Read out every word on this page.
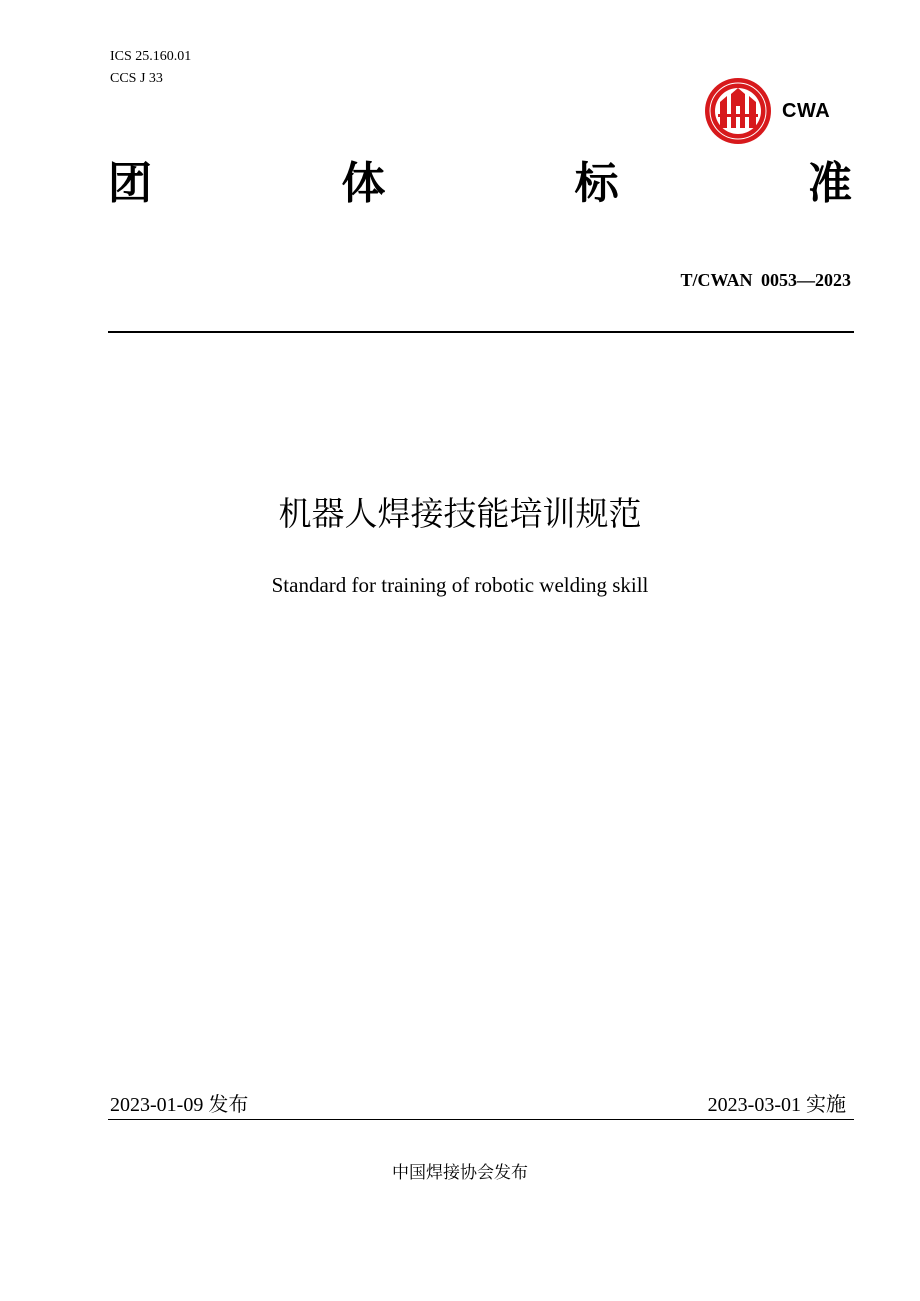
ICS 25.160.01
CCS J 33
CWA
团	体	标	准
T/CWAN 0053—2023
机器人焊接技能培训规范
Standard for training of robotic welding skill
2023-01-09 发布	2023-03-01 实施
中国焊接协会发布
